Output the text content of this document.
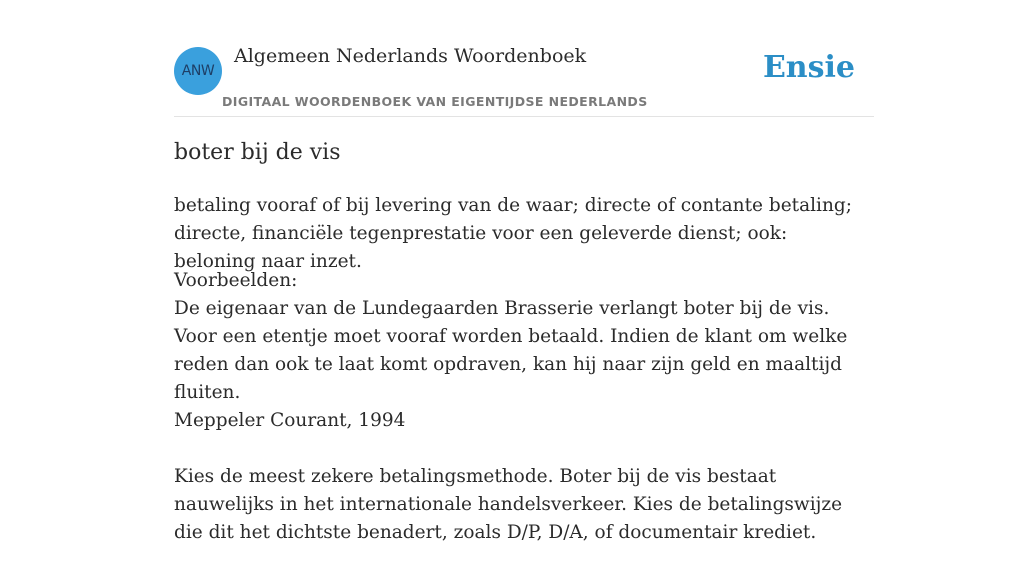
ANW
Algemeen Nederlands Woordenboek
DIGITAAL WOORDENBOEK VAN EIGENTIJDSE NEDERLANDS
Ensie
boter bij de vis
betaling vooraf of bij levering van de waar; directe of contante betaling; directe, financiële tegenprestatie voor een geleverde dienst; ook: beloning naar inzet.

Voorbeelden:

De eigenaar van de Lundegaarden Brasserie verlangt boter bij de vis. Voor een etentje moet vooraf worden betaald. Indien de klant om welke reden dan ook te laat komt opdraven, kan hij naar zijn geld en maaltijd fluiten.

Meppeler Courant, 1994

Kies de meest zekere betalingsmethode. Boter bij de vis bestaat nauwelijks in het internationale handelsverkeer. Kies de betalingswijze die dit het dichtste benadert, zoals D/P, D/A, of documentair krediet.
